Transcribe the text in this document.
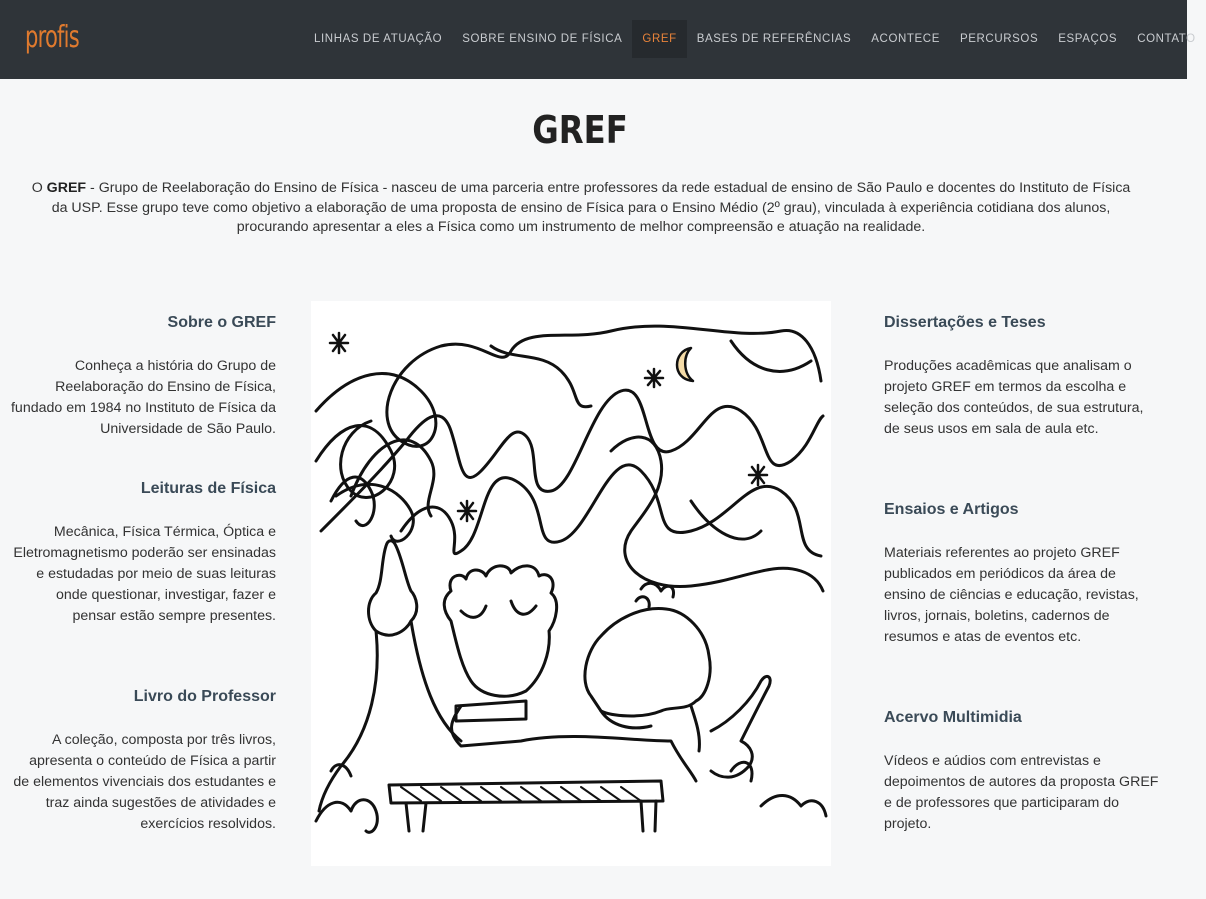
profis	LINHAS DE ATUAÇÃO	SOBRE ENSINO DE FÍSICA	GREF	BASES DE REFERÊNCIAS	ACONTECE	PERCURSOS	ESPAÇOS	CONTATO
GREF

O GREF - Grupo de Reelaboração do Ensino de Física - nasceu de uma parceria entre professores da rede estadual de ensino de São Paulo e docentes do Instituto de Física da USP. Esse grupo teve como objetivo a elaboração de uma proposta de ensino de Física para o Ensino Médio (2º grau), vinculada à experiência cotidiana dos alunos, procurando apresentar a eles a Física como um instrumento de melhor compreensão e atuação na realidade.

Sobre o GREF

Conheça a história do Grupo de Reelaboração do Ensino de Física, fundado em 1984 no Instituto de Física da Universidade de São Paulo.

Leituras de Física

Mecânica, Física Térmica, Óptica e Eletromagnetismo poderão ser ensinadas e estudadas por meio de suas leituras onde questionar, investigar, fazer e pensar estão sempre presentes.

Livro do Professor

A coleção, composta por três livros, apresenta o conteúdo de Física a partir de elementos vivenciais dos estudantes e traz ainda sugestões de atividades e exercícios resolvidos.

Dissertações e Teses

Produções acadêmicas que analisam o projeto GREF em termos da escolha e seleção dos conteúdos, de sua estrutura, de seus usos em sala de aula etc.

Ensaios e Artigos

Materiais referentes ao projeto GREF publicados em periódicos da área de ensino de ciências e educação, revistas, livros, jornais, boletins, cadernos de resumos e atas de eventos etc.

Acervo Multimidia

Vídeos e aúdios com entrevistas e depoimentos de autores da proposta GREF e de professores que participaram do projeto.
